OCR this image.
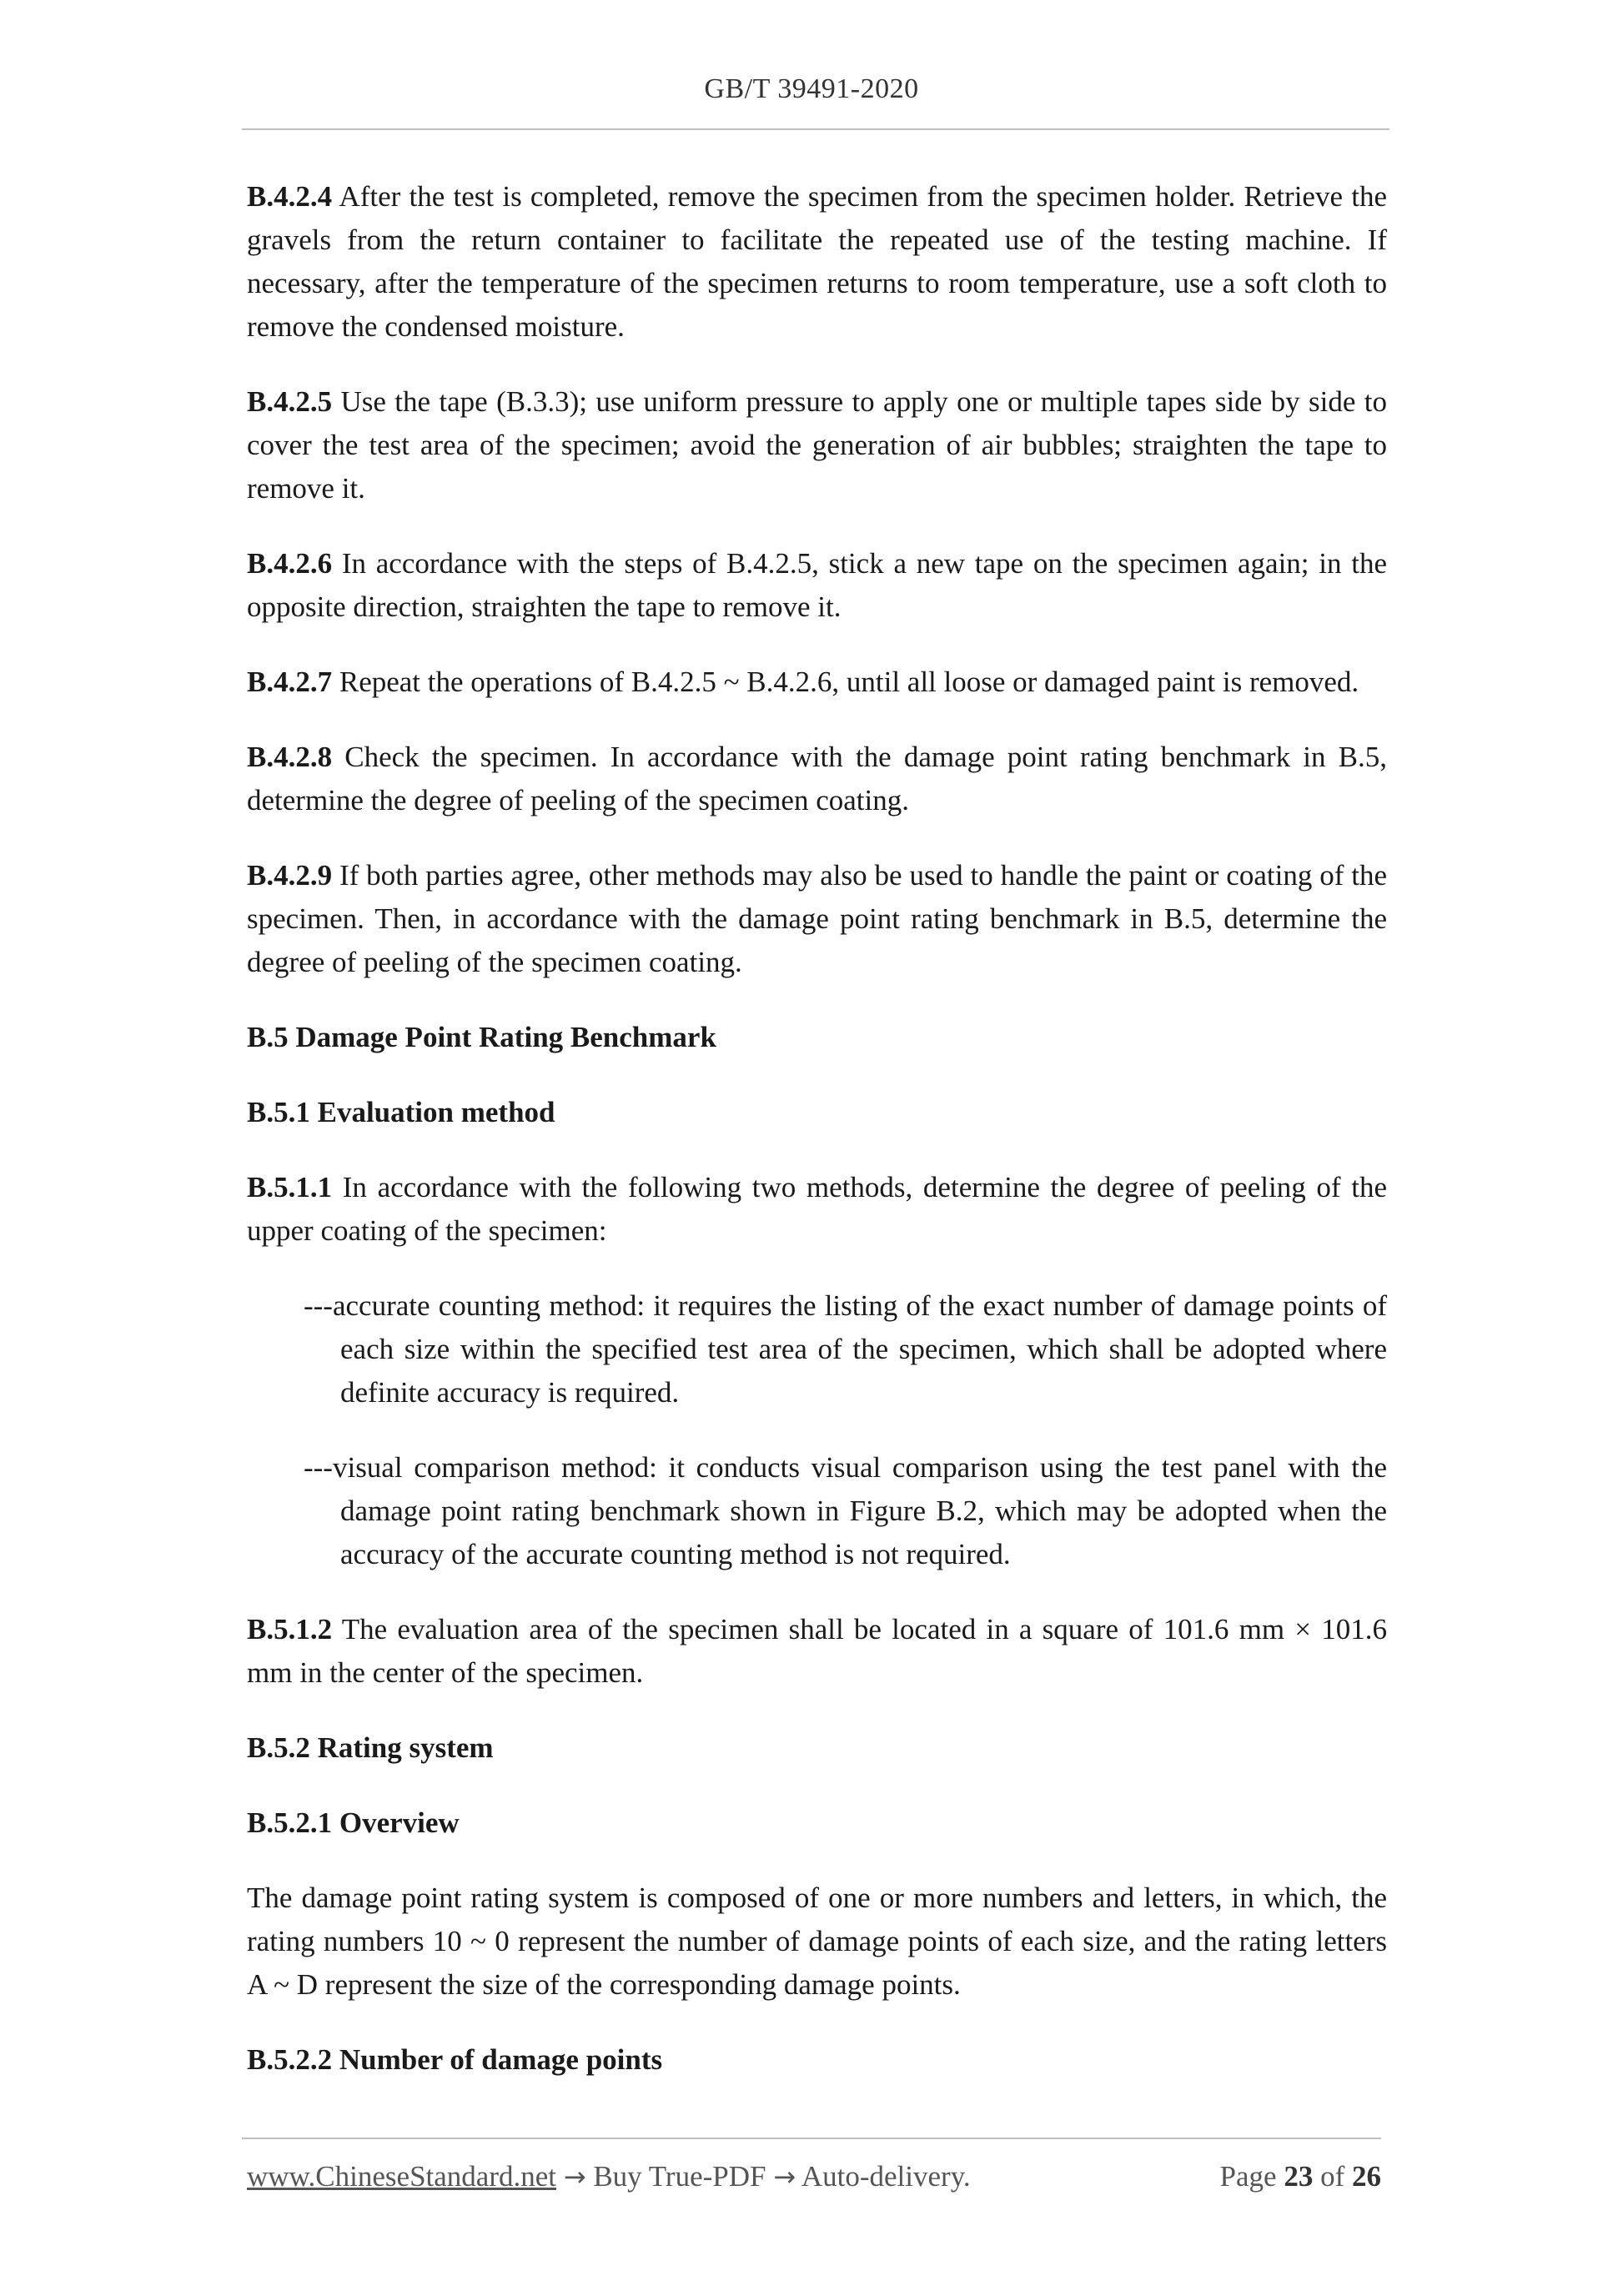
GB/T 39491-2020

B.4.2.4 After the test is completed, remove the specimen from the specimen holder. Retrieve the gravels from the return container to facilitate the repeated use of the testing machine. If necessary, after the temperature of the specimen returns to room temperature, use a soft cloth to remove the condensed moisture.

B.4.2.5 Use the tape (B.3.3); use uniform pressure to apply one or multiple tapes side by side to cover the test area of the specimen; avoid the generation of air bubbles; straighten the tape to remove it.

B.4.2.6 In accordance with the steps of B.4.2.5, stick a new tape on the specimen again; in the opposite direction, straighten the tape to remove it.

B.4.2.7 Repeat the operations of B.4.2.5 ~ B.4.2.6, until all loose or damaged paint is removed.

B.4.2.8 Check the specimen. In accordance with the damage point rating benchmark in B.5, determine the degree of peeling of the specimen coating.

B.4.2.9 If both parties agree, other methods may also be used to handle the paint or coating of the specimen. Then, in accordance with the damage point rating benchmark in B.5, determine the degree of peeling of the specimen coating.

B.5 Damage Point Rating Benchmark

B.5.1 Evaluation method

B.5.1.1 In accordance with the following two methods, determine the degree of peeling of the upper coating of the specimen:

---accurate counting method: it requires the listing of the exact number of damage points of each size within the specified test area of the specimen, which shall be adopted where definite accuracy is required.

---visual comparison method: it conducts visual comparison using the test panel with the damage point rating benchmark shown in Figure B.2, which may be adopted when the accuracy of the accurate counting method is not required.

B.5.1.2 The evaluation area of the specimen shall be located in a square of 101.6 mm × 101.6 mm in the center of the specimen.

B.5.2 Rating system

B.5.2.1 Overview

The damage point rating system is composed of one or more numbers and letters, in which, the rating numbers 10 ~ 0 represent the number of damage points of each size, and the rating letters A ~ D represent the size of the corresponding damage points.

B.5.2.2 Number of damage points

www.ChineseStandard.net → Buy True-PDF → Auto-delivery.	Page 23 of 26
